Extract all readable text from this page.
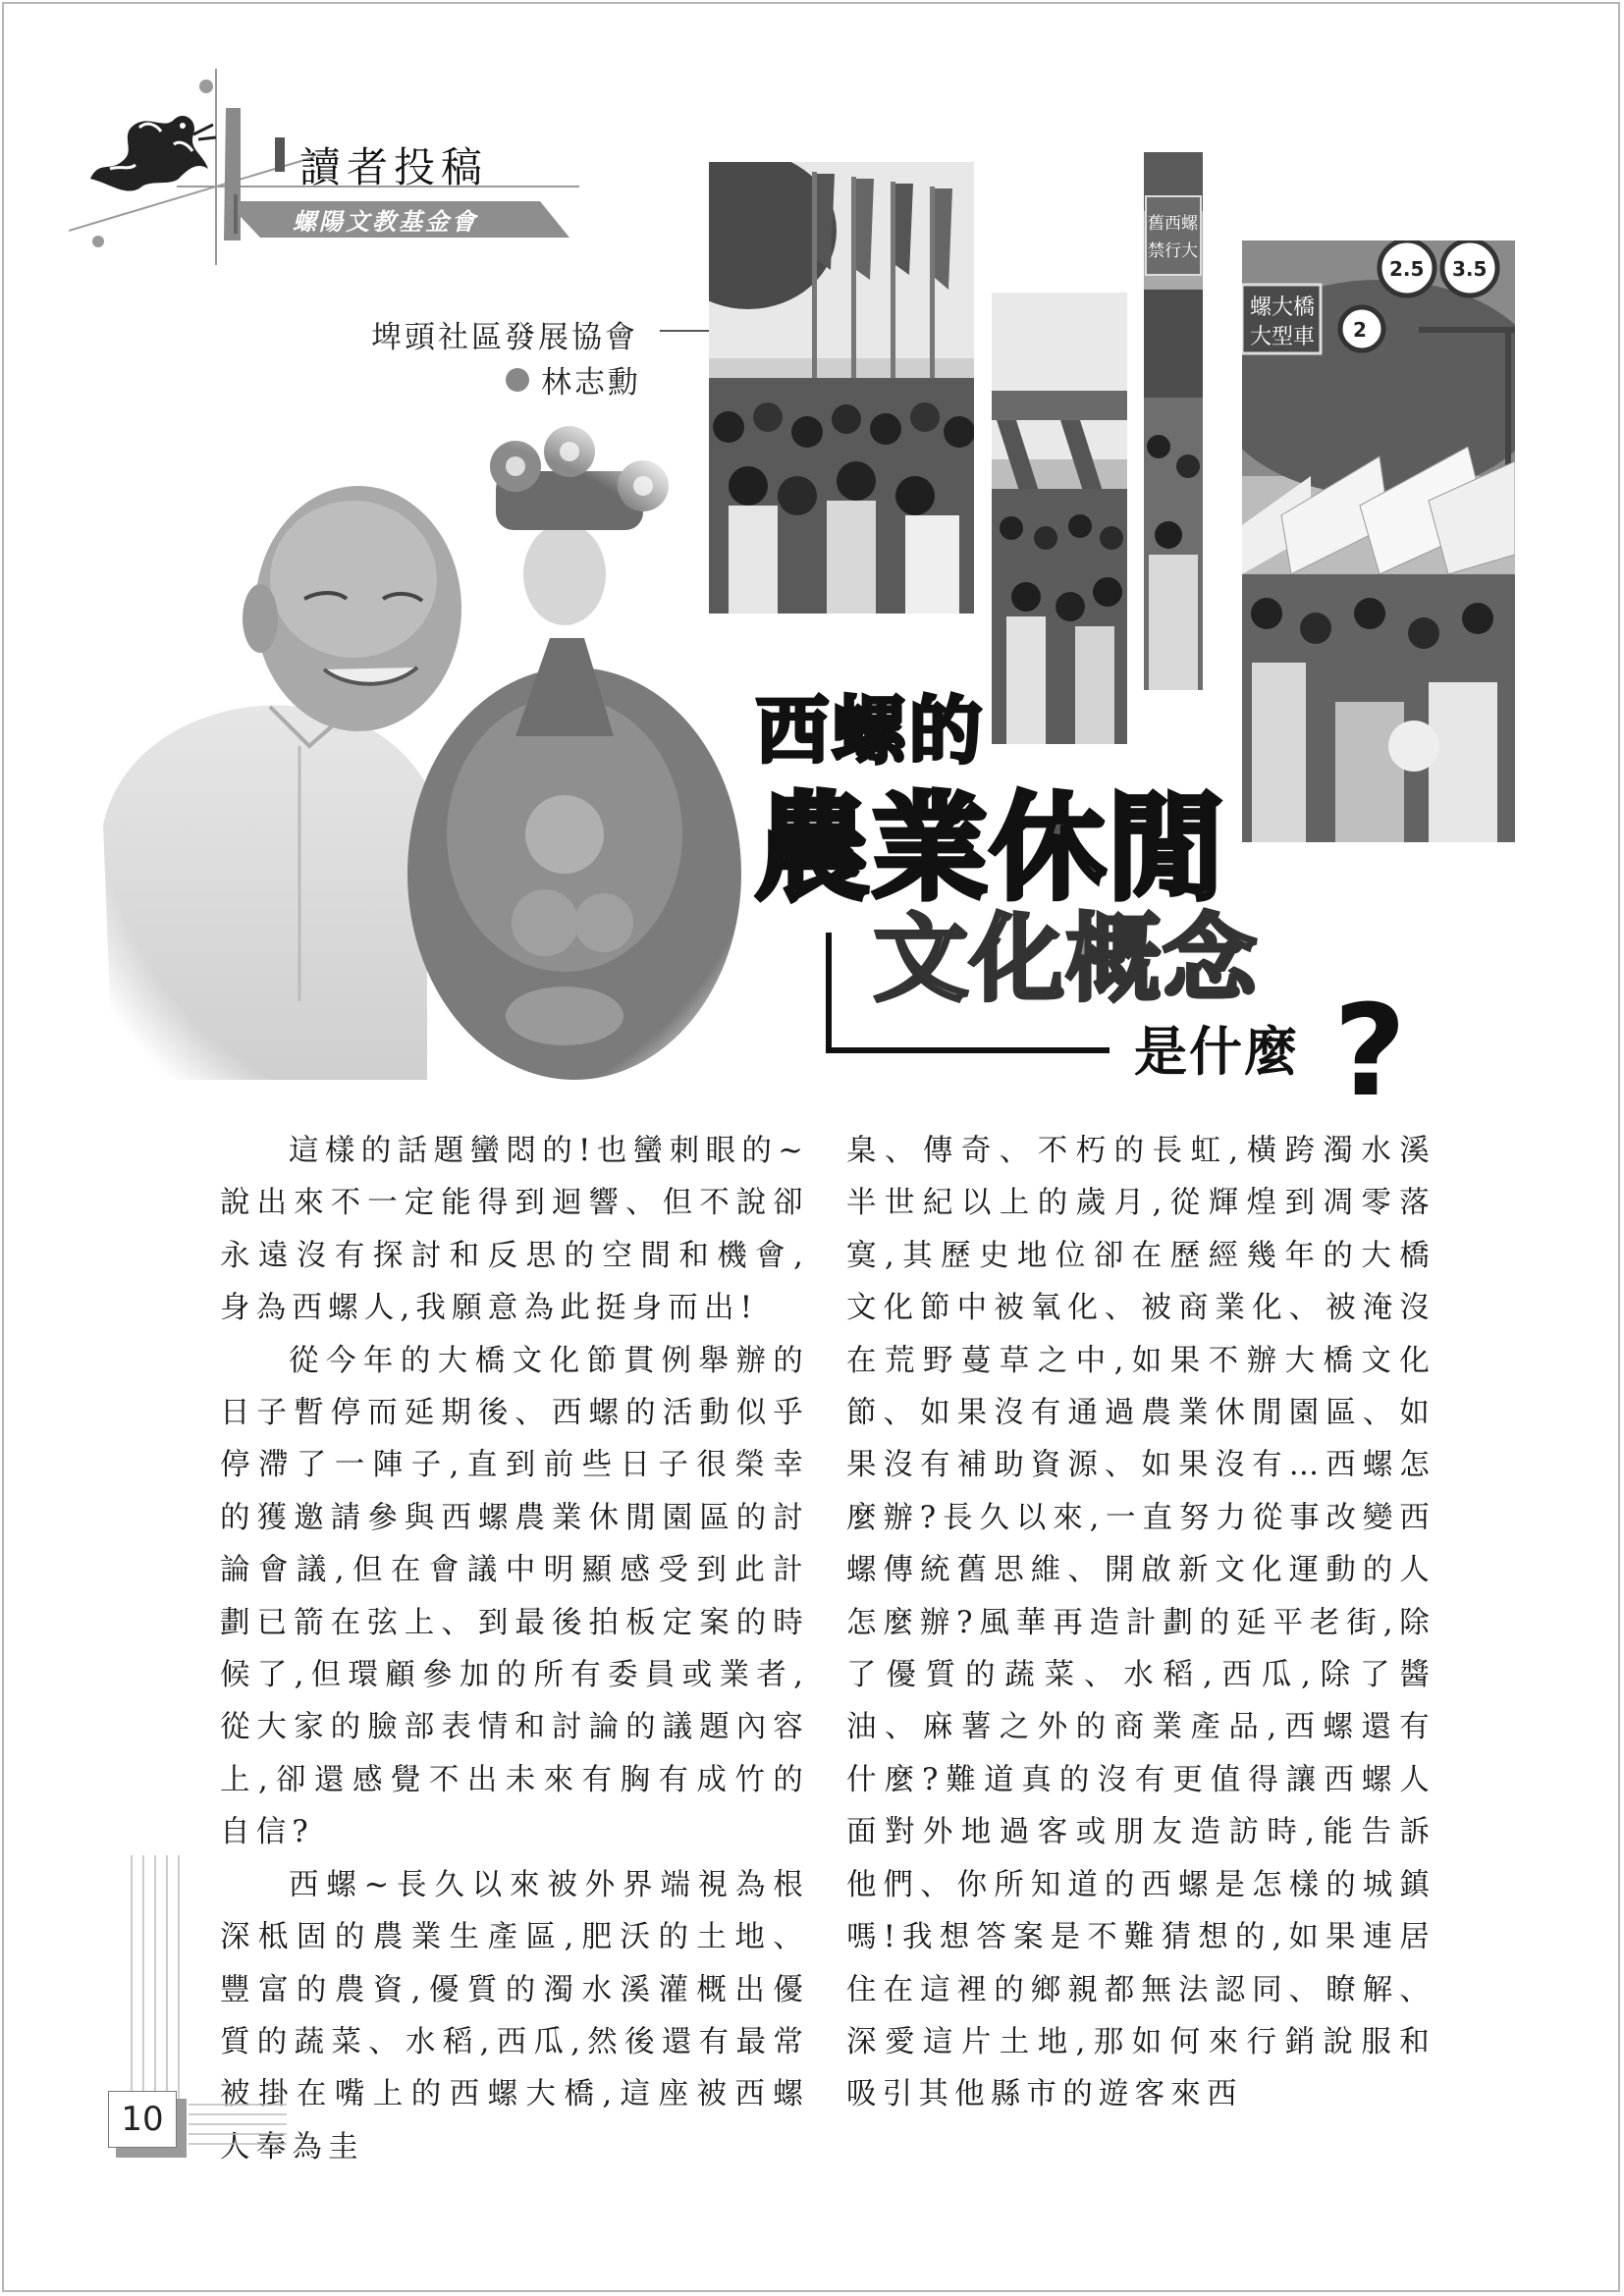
讀者投稿
螺陽文教基金會
埤頭社區發展協會
林志勳
舊西螺
禁行大
螺大橋
大型車 2
2.5 3.5
西螺的
農業休閒
文化概念
是什麼 ?

這樣的話題蠻悶的!也蠻刺眼的~說出來不一定能得到迴響、但不說卻永遠沒有探討和反思的空間和機會,身為西螺人,我願意為此挺身而出!

從今年的大橋文化節貫例舉辦的日子暫停而延期後、西螺的活動似乎停滯了一陣子,直到前些日子很榮幸的獲邀請參與西螺農業休閒園區的討論會議,但在會議中明顯感受到此計劃已箭在弦上、到最後拍板定案的時候了,但環顧參加的所有委員或業者,從大家的臉部表情和討論的議題內容上,卻還感覺不出未來有胸有成竹的自信?

西螺~長久以來被外界端視為根深柢固的農業生產區,肥沃的土地、豐富的農資,優質的濁水溪灌概出優質的蔬菜、水稻,西瓜,然後還有最常被掛在嘴上的西螺大橋,這座被西螺人奉為圭

臬、傳奇、不朽的長虹,橫跨濁水溪半世紀以上的歲月,從輝煌到凋零落寞,其歷史地位卻在歷經幾年的大橋文化節中被氧化、被商業化、被淹沒在荒野蔓草之中,如果不辦大橋文化節、如果沒有通過農業休閒園區、如果沒有補助資源、如果沒有…西螺怎麼辦?長久以來,一直努力從事改變西螺傳統舊思維、開啟新文化運動的人怎麼辦?風華再造計劃的延平老街,除了優質的蔬菜、水稻,西瓜,除了醬油、麻薯之外的商業產品,西螺還有什麼?難道真的沒有更值得讓西螺人面對外地過客或朋友造訪時,能告訴他們、你所知道的西螺是怎樣的城鎮嗎!我想答案是不難猜想的,如果連居住在這裡的鄉親都無法認同、瞭解、深愛這片土地,那如何來行銷說服和吸引其他縣市的遊客來西

10
